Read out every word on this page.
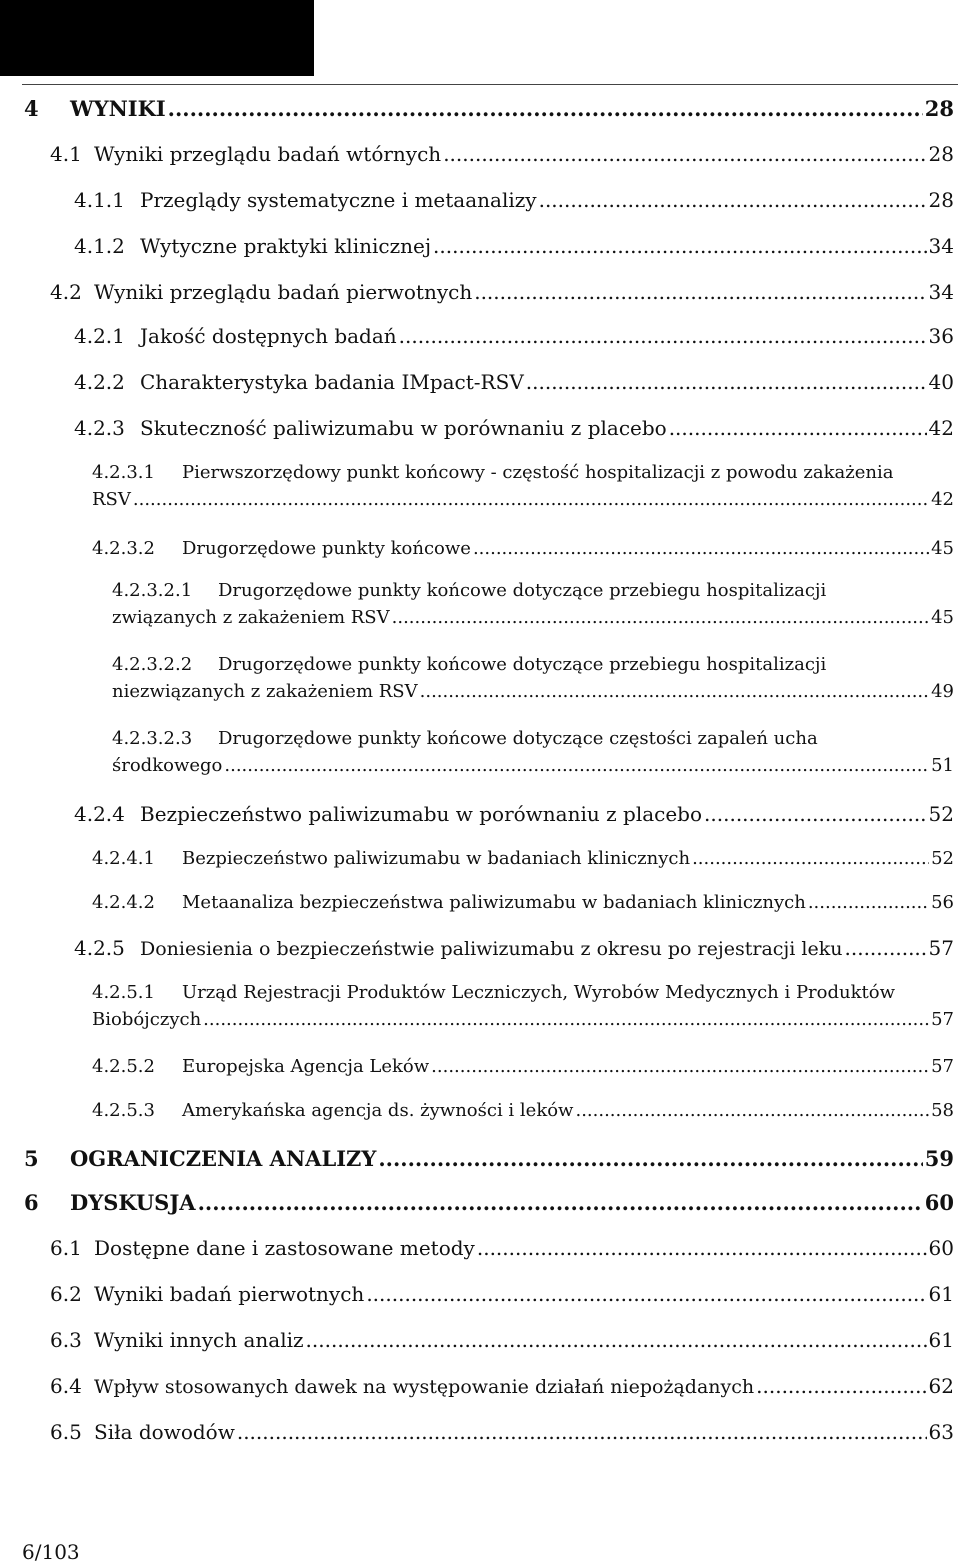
4	WYNIKI .....	28
4.1 Wyniki przeglądu badań wtórnych .....	28
4.1.1 Przeglądy systematyczne i metaanalizy .....	28
4.1.2 Wytyczne praktyki klinicznej .....	34
4.2 Wyniki przeglądu badań pierwotnych .....	34
4.2.1 Jakość dostępnych badań .....	36
4.2.2 Charakterystyka badania IMpact-RSV .....	40
4.2.3 Skuteczność paliwizumabu w porównaniu z placebo .....	42
4.2.3.1	Pierwszorzędowy punkt końcowy - częstość hospitalizacji z powodu zakażenia
RSV .....	42
4.2.3.2	Drugorzędowe punkty końcowe .....	45
4.2.3.2.1	Drugorzędowe punkty końcowe dotyczące przebiegu hospitalizacji
związanych z zakażeniem RSV .....	45
4.2.3.2.2	Drugorzędowe punkty końcowe dotyczące przebiegu hospitalizacji
niezwiązanych z zakażeniem RSV .....	49
4.2.3.2.3	Drugorzędowe punkty końcowe dotyczące częstości zapaleń ucha
środkowego .....	51
4.2.4 Bezpieczeństwo paliwizumabu w porównaniu z placebo .....	52
4.2.4.1	Bezpieczeństwo paliwizumabu w badaniach klinicznych .....	52
4.2.4.2	Metaanaliza bezpieczeństwa paliwizumabu w badaniach klinicznych .....	56
4.2.5 Doniesienia o bezpieczeństwie paliwizumabu z okresu po rejestracji leku .....	57
4.2.5.1	Urząd Rejestracji Produktów Leczniczych, Wyrobów Medycznych i Produktów
Biobójczych .....	57
4.2.5.2	Europejska Agencja Leków .....	57
4.2.5.3	Amerykańska agencja ds. żywności i leków .....	58
5	OGRANICZENIA ANALIZY .....	59
6	DYSKUSJA .....	60
6.1 Dostępne dane i zastosowane metody .....	60
6.2 Wyniki badań pierwotnych .....	61
6.3 Wyniki innych analiz .....	61
6.4 Wpływ stosowanych dawek na występowanie działań niepożądanych .....	62
6.5 Siła dowodów .....	63
6/103
